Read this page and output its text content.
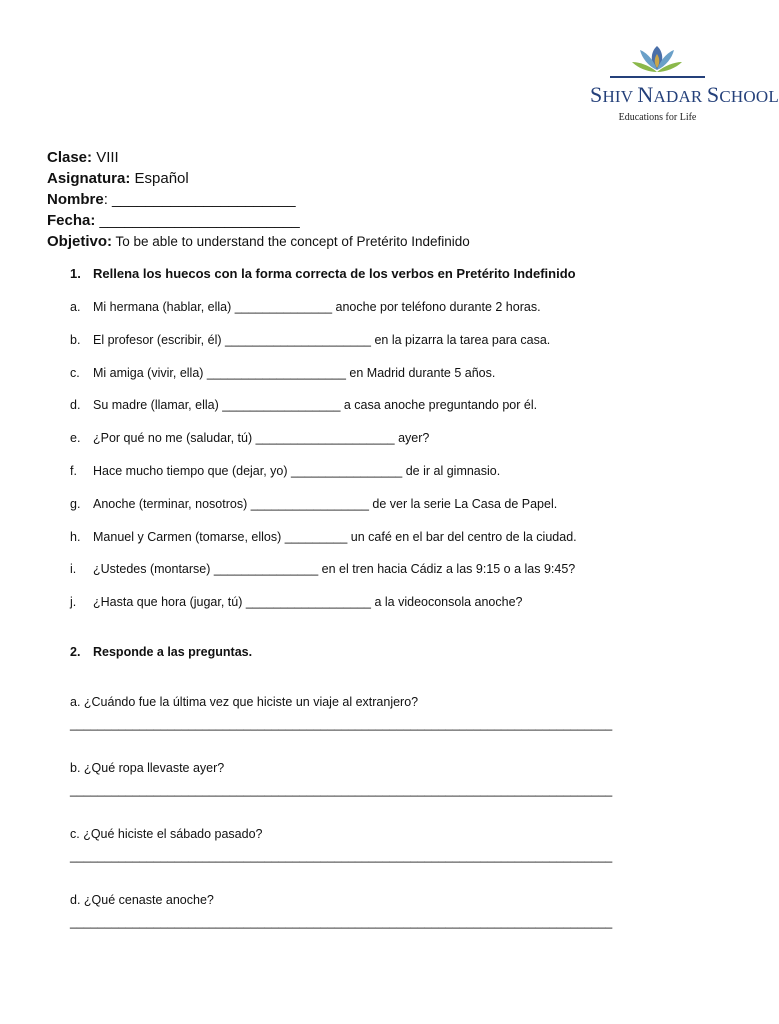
SHIV NADAR SCHOOL
Educations for Life
Clase: VIII
Asignatura: Español
Nombre: ______________________
Fecha: ________________________
Objetivo: To be able to understand the concept of Pretérito Indefinido
1. Rellena los huecos con la forma correcta de los verbos en Pretérito Indefinido
a. Mi hermana (hablar, ella) ______________ anoche por teléfono durante 2 horas.
b. El profesor (escribir, él) _____________________ en la pizarra la tarea para casa.
c. Mi amiga (vivir, ella) ____________________ en Madrid durante 5 años.
d. Su madre (llamar, ella) _________________ a casa anoche preguntando por él.
e. ¿Por qué no me (saludar, tú) ____________________ ayer?
f. Hace mucho tiempo que (dejar, yo) ________________ de ir al gimnasio.
g. Anoche (terminar, nosotros) _________________ de ver la serie La Casa de Papel.
h. Manuel y Carmen (tomarse, ellos) _________ un café en el bar del centro de la ciudad.
i. ¿Ustedes (montarse) _______________ en el tren hacia Cádiz a las 9:15 o a las 9:45?
j. ¿Hasta que hora (jugar, tú) __________________ a la videoconsola anoche?
2. Responde a las preguntas.
a. ¿Cuándo fue la última vez que hiciste un viaje al extranjero?
______________________________________________________________________________
b. ¿Qué ropa llevaste ayer?
______________________________________________________________________________
c. ¿Qué hiciste el sábado pasado?
______________________________________________________________________________
d. ¿Qué cenaste anoche?
______________________________________________________________________________
